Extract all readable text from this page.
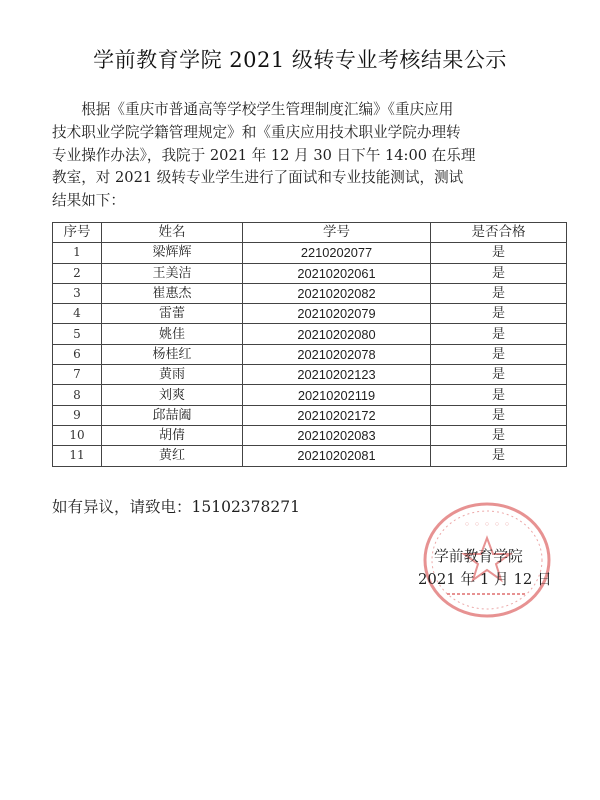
学前教育学院 2021 级转专业考核结果公示
　　根据《重庆市普通高等学校学生管理制度汇编》《重庆应用
技术职业学院学籍管理规定》和《重庆应用技术职业学院办理转
专业操作办法》，我院于 2021 年 12 月 30 日下午 14:00 在乐理
教室，对 2021 级转专业学生进行了面试和专业技能测试，测试
结果如下：
序号	姓名	学号	是否合格
1	梁辉辉	2210202077	是
2	王美洁	20210202061	是
3	崔惠杰	20210202082	是
4	雷蕾	20210202079	是
5	姚佳	20210202080	是
6	杨桂红	20210202078	是
7	黄雨	20210202123	是
8	刘爽	20210202119	是
9	邱喆阖	20210202172	是
10	胡倩	20210202083	是
11	黄红	20210202081	是
如有异议，请致电：15102378271
◦ ◦ ◦ ◦ ◦
学前教育学院
2021 年 1 月 12 日
